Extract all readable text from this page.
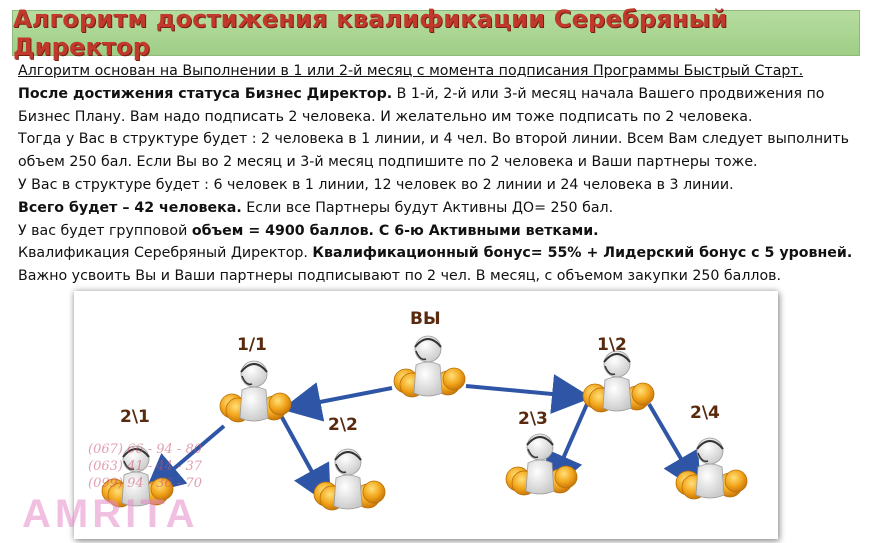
Алгоритм достижения квалификации Серебряный Директор
Алгоритм основан на Выполнении в 1 или 2-й месяц с момента подписания Программы Быстрый Старт.
После достижения статуса Бизнес Директор. В 1-й, 2-й или 3-й месяц начала Вашего продвижения по
Бизнес Плану. Вам надо подписать 2 человека. И желательно им тоже подписать по 2 человека.
Тогда у Вас в структуре будет : 2 человека в 1 линии, и 4 чел. Во второй линии. Всем Вам следует выполнить
объем 250 бал. Если Вы во 2 месяц и 3-й месяц подпишите по 2 человека и Ваши партнеры тоже.
У Вас в структуре будет : 6 человек в 1 линии, 12 человек во 2 линии и 24 человека в 3 линии.
Всего будет – 42 человека. Если все Партнеры будут Активны ДО= 250 бал.
У вас будет групповой объем = 4900 баллов. С 6-ю Активными ветками.
Квалификация Серебряный Директор. Квалификационный бонус= 55% + Лидерский бонус с 5 уровней.
Важно усвоить Вы и Ваши партнеры подписывают по 2 чел. В месяц, с объемом закупки 250 баллов.
ВЫ
1/1	1\2
2\1	2\2	2\3	2\4
(067) 66 - 94 - 80
(063) 41 - 44 - 37
(099) 94 - 36 - 70
AMRITA
